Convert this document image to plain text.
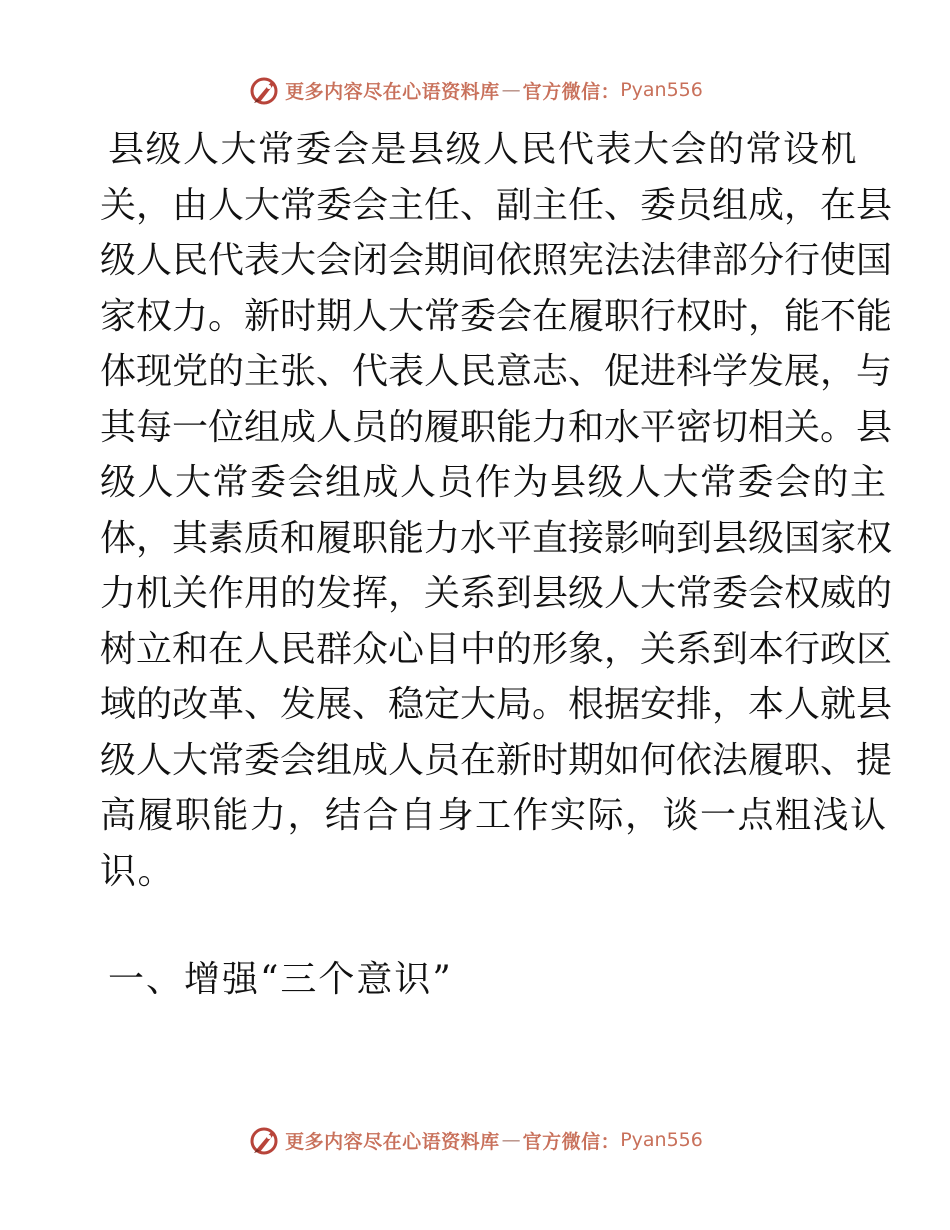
更多内容尽在心语资料库 — 官方微信： Pyan556
县级人大常委会是县级人民代表大会的常设机
关，由人大常委会主任、副主任、委员组成，在县
级人民代表大会闭会期间依照宪法法律部分行使国
家权力。新时期人大常委会在履职行权时，能不能
体现党的主张、代表人民意志、促进科学发展，与
其每一位组成人员的履职能力和水平密切相关。县
级人大常委会组成人员作为县级人大常委会的主
体，其素质和履职能力水平直接影响到县级国家权
力机关作用的发挥，关系到县级人大常委会权威的
树立和在人民群众心目中的形象，关系到本行政区
域的改革、发展、稳定大局。根据安排，本人就县
级人大常委会组成人员在新时期如何依法履职、提
高履职能力，结合自身工作实际，谈一点粗浅认
识。
一、增强“三个意识”
更多内容尽在心语资料库 — 官方微信： Pyan556
